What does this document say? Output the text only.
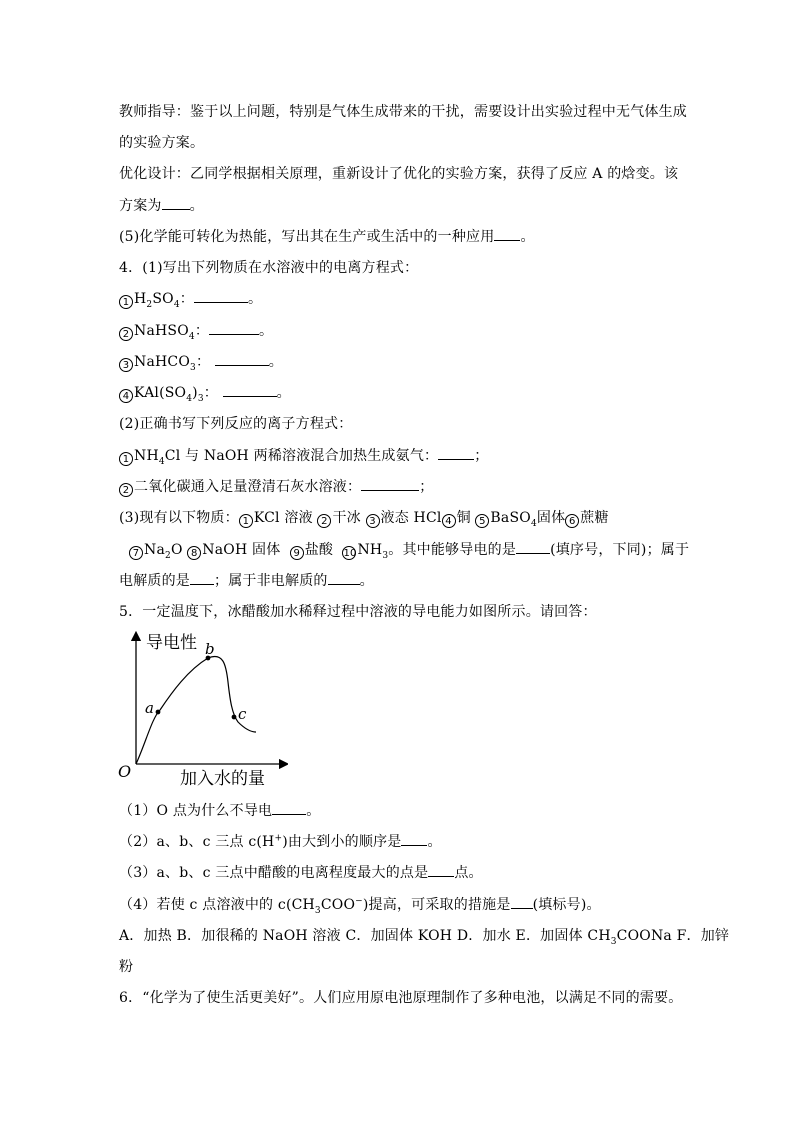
教师指导：鉴于以上问题，特别是气体生成带来的干扰，需要设计出实验过程中无气体生成
的实验方案。
优化设计：乙同学根据相关原理，重新设计了优化的实验方案，获得了反应 A 的焓变。该
方案为 。
(5)化学能可转化为热能，写出其在生产或生活中的一种应用 。
4．(1)写出下列物质在水溶液中的电离方程式：
1 $H_2SO_4$：	。
2 NaHSO$_4$：	。
3 NaHCO$_3$：	。
4 $KAl(SO_4)_3$：	。
(2)正确书写下列反应的离子方程式：
1 $NH_4Cl$ 与 NaOH 两稀溶液混合加热生成氨气：	；
2 二氧化碳通入足量澄清石灰水溶液：	；
(3)现有以下物质： 1 KCl 溶液 2 干冰 3 液态 HCl 4 铜 5 BaSO$_4$固体 6 蔗糖
7 $Na_2O$ 8 NaOH 固体 9 盐酸 $10NH_3$。其中能够导电的是 (填序号，下同)；属于
电解质的是 ；属于非电解质的 。
5．一定温度下，冰醋酸加水稀释过程中溶液的导电能力如图所示。请回答：
导电性
加入水的量
O
a
b
c
（1）O 点为什么不导电 。
（2）a、b、c 三点 c(H+)由大到小的顺序是 。
（3）a、b、c 三点中醋酸的电离程度最大的点是 点。
（4）若使 c 点溶液中的 $c(CH_3COO^-)$提高，可采取的措施是 (填标号)。
A．加热 B．加很稀的 NaOH 溶液 C．加固体 KOH D．加水 E．加固体 $CH_3COONa$ F．加锌
粉
6．“化学为了使生活更美好”。人们应用原电池原理制作了多种电池，以满足不同的需要。
